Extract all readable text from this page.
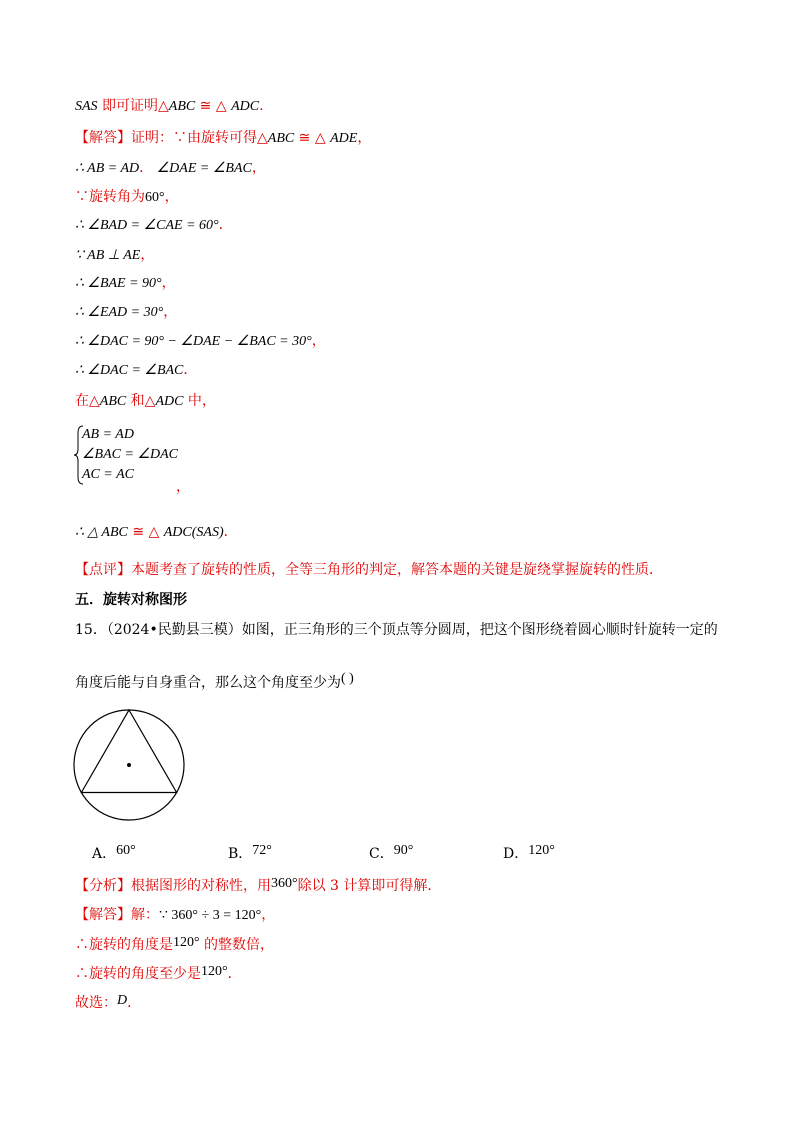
SAS 即可证明△ABC ≅ △ ADC.
【解答】证明：∵由旋转可得△ABC ≅ △ ADE，
∴ AB = AD． ∠DAE = ∠BAC，
∵旋转角为60°，
∴ ∠BAD = ∠CAE = 60°．
∵ AB ⊥ AE，
∴ ∠BAE = 90°，
∴ ∠EAD = 30°，
∴ ∠DAC = 90° − ∠DAE − ∠BAC = 30°，
∴ ∠DAC = ∠BAC．
在△ABC 和△ADC 中，
AB = AD
∠BAC = ∠DAC
AC = AC
，
∴ △ ABC ≅ △ ADC(SAS)．
【点评】本题考查了旋转的性质，全等三角形的判定，解答本题的关键是旋绕掌握旋转的性质．
五．旋转对称图形
15．（2024•民勤县三模）如图，正三角形的三个顶点等分圆周，把这个图形绕着圆心顺时针旋转一定的
角度后能与自身重合，那么这个角度至少为( )
A．60°	B．72°	C．90°	D．120°
【分析】根据图形的对称性，用360°除以 3 计算即可得解．
【解答】解：∵ 360° ÷ 3 = 120°，
∴旋转的角度是120° 的整数倍，
∴旋转的角度至少是120°．
故选：D．
